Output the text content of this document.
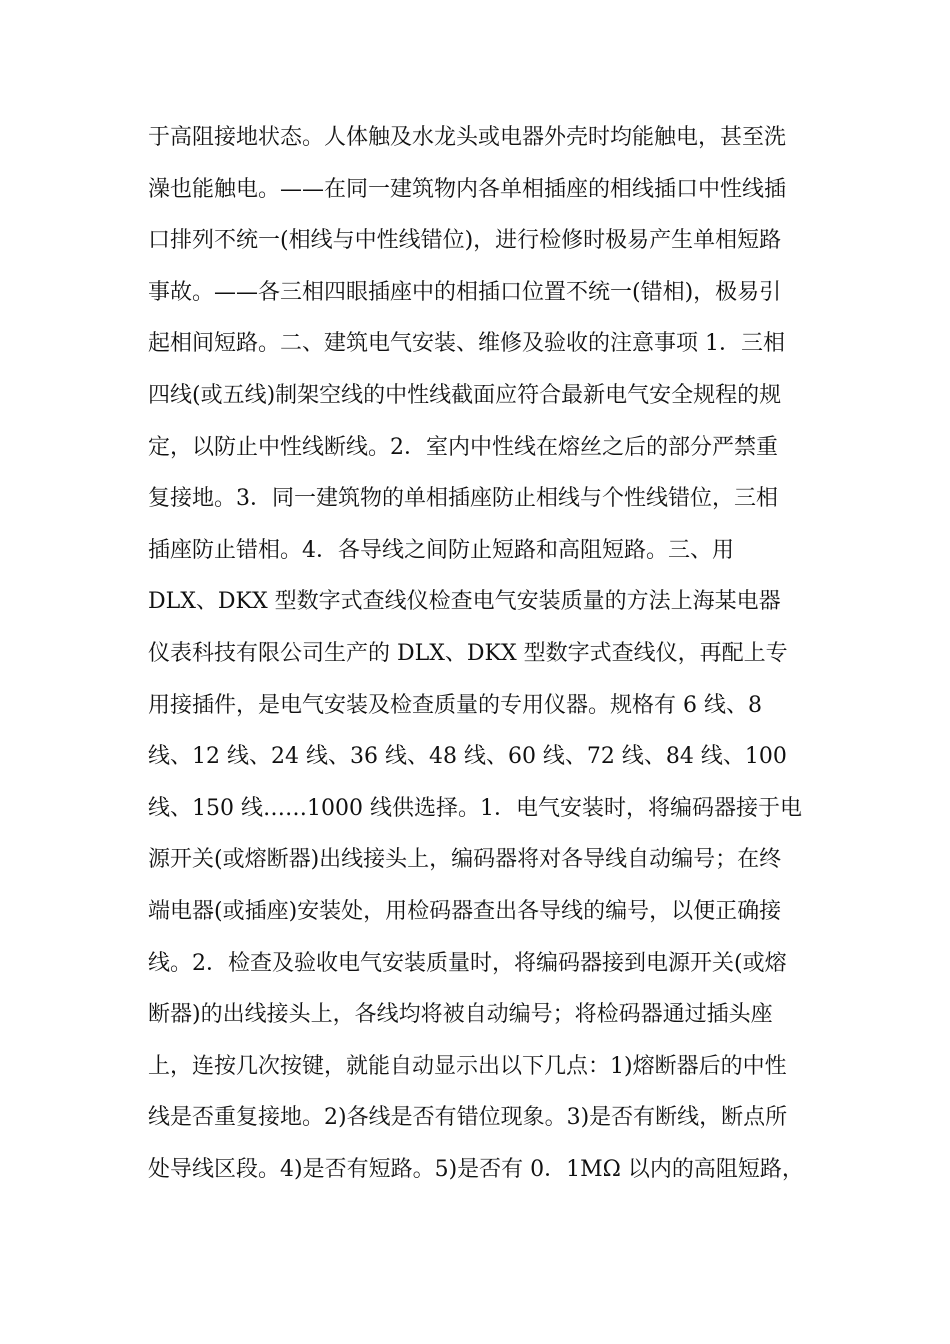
于高阻接地状态。人体触及水龙头或电器外壳时均能触电，甚至洗
澡也能触电。——在同一建筑物内各单相插座的相线插口中性线插
口排列不统一(相线与中性线错位)，进行检修时极易产生单相短路
事故。——各三相四眼插座中的相插口位置不统一(错相)，极易引
起相间短路。二、建筑电气安装、维修及验收的注意事项 1．三相
四线(或五线)制架空线的中性线截面应符合最新电气安全规程的规
定，以防止中性线断线。2．室内中性线在熔丝之后的部分严禁重
复接地。3．同一建筑物的单相插座防止相线与个性线错位，三相
插座防止错相。4．各导线之间防止短路和高阻短路。三、用
DLX、DKX 型数字式查线仪检查电气安装质量的方法上海某电器
仪表科技有限公司生产的 DLX、DKX 型数字式查线仪，再配上专
用接插件，是电气安装及检查质量的专用仪器。规格有 6 线、8
线、12 线、24 线、36 线、48 线、60 线、72 线、84 线、100
线、150 线……1000 线供选择。1．电气安装时，将编码器接于电
源开关(或熔断器)出线接头上，编码器将对各导线自动编号；在终
端电器(或插座)安装处，用检码器查出各导线的编号，以便正确接
线。2．检查及验收电气安装质量时，将编码器接到电源开关(或熔
断器)的出线接头上，各线均将被自动编号；将检码器通过插头座
上，连按几次按键，就能自动显示出以下几点：1)熔断器后的中性
线是否重复接地。2)各线是否有错位现象。3)是否有断线，断点所
处导线区段。4)是否有短路。5)是否有 0．1MΩ 以内的高阻短路，
